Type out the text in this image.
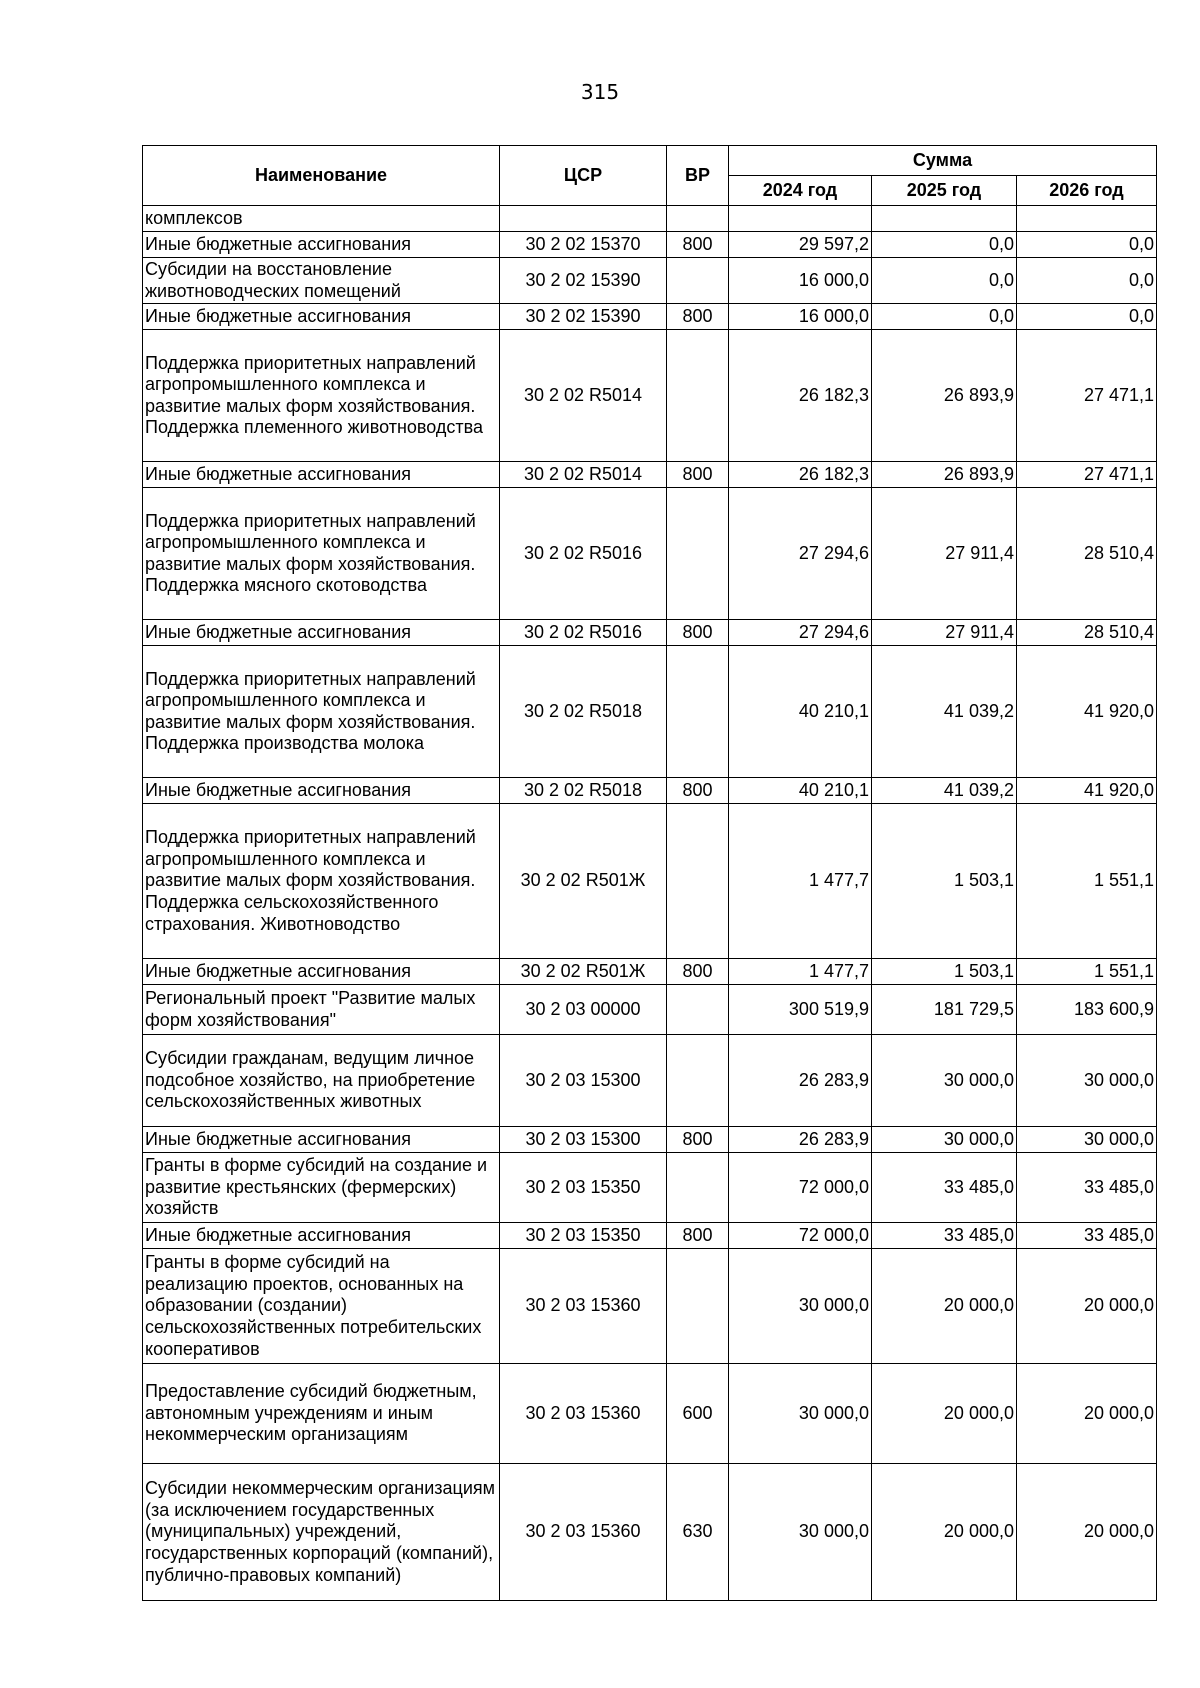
315
Наименование	ЦСР	ВР	Сумма		
			2024 год	2025 год	2026 год
комплексов					
Иные бюджетные ассигнования	30 2 02 15370	800	29 597,2	0,0	0,0
Субсидии на восстановление животноводческих помещений	30 2 02 15390		16 000,0	0,0	0,0
Иные бюджетные ассигнования	30 2 02 15390	800	16 000,0	0,0	0,0
Поддержка приоритетных направлений агропромышленного комплекса и развитие малых форм хозяйствования. Поддержка племенного животноводства	30 2 02 R5014		26 182,3	26 893,9	27 471,1
Иные бюджетные ассигнования	30 2 02 R5014	800	26 182,3	26 893,9	27 471,1
Поддержка приоритетных направлений агропромышленного комплекса и развитие малых форм хозяйствования. Поддержка мясного скотоводства	30 2 02 R5016		27 294,6	27 911,4	28 510,4
Иные бюджетные ассигнования	30 2 02 R5016	800	27 294,6	27 911,4	28 510,4
Поддержка приоритетных направлений агропромышленного комплекса и развитие малых форм хозяйствования. Поддержка производства молока	30 2 02 R5018		40 210,1	41 039,2	41 920,0
Иные бюджетные ассигнования	30 2 02 R5018	800	40 210,1	41 039,2	41 920,0
Поддержка приоритетных направлений агропромышленного комплекса и развитие малых форм хозяйствования. Поддержка сельскохозяйственного страхования. Животноводство	30 2 02 R501Ж		1 477,7	1 503,1	1 551,1
Иные бюджетные ассигнования	30 2 02 R501Ж	800	1 477,7	1 503,1	1 551,1
Региональный проект "Развитие малых форм хозяйствования"	30 2 03 00000		300 519,9	181 729,5	183 600,9
Субсидии гражданам, ведущим личное подсобное хозяйство, на приобретение сельскохозяйственных животных	30 2 03 15300		26 283,9	30 000,0	30 000,0
Иные бюджетные ассигнования	30 2 03 15300	800	26 283,9	30 000,0	30 000,0
Гранты в форме субсидий на создание и развитие крестьянских (фермерских) хозяйств	30 2 03 15350		72 000,0	33 485,0	33 485,0
Иные бюджетные ассигнования	30 2 03 15350	800	72 000,0	33 485,0	33 485,0
Гранты в форме субсидий на реализацию проектов, основанных на образовании (создании) сельскохозяйственных потребительских кооперативов	30 2 03 15360		30 000,0	20 000,0	20 000,0
Предоставление субсидий бюджетным, автономным учреждениям и иным некоммерческим организациям	30 2 03 15360	600	30 000,0	20 000,0	20 000,0
Субсидии некоммерческим организациям (за исключением государственных (муниципальных) учреждений, государственных корпораций (компаний), публично-правовых компаний)	30 2 03 15360	630	30 000,0	20 000,0	20 000,0
